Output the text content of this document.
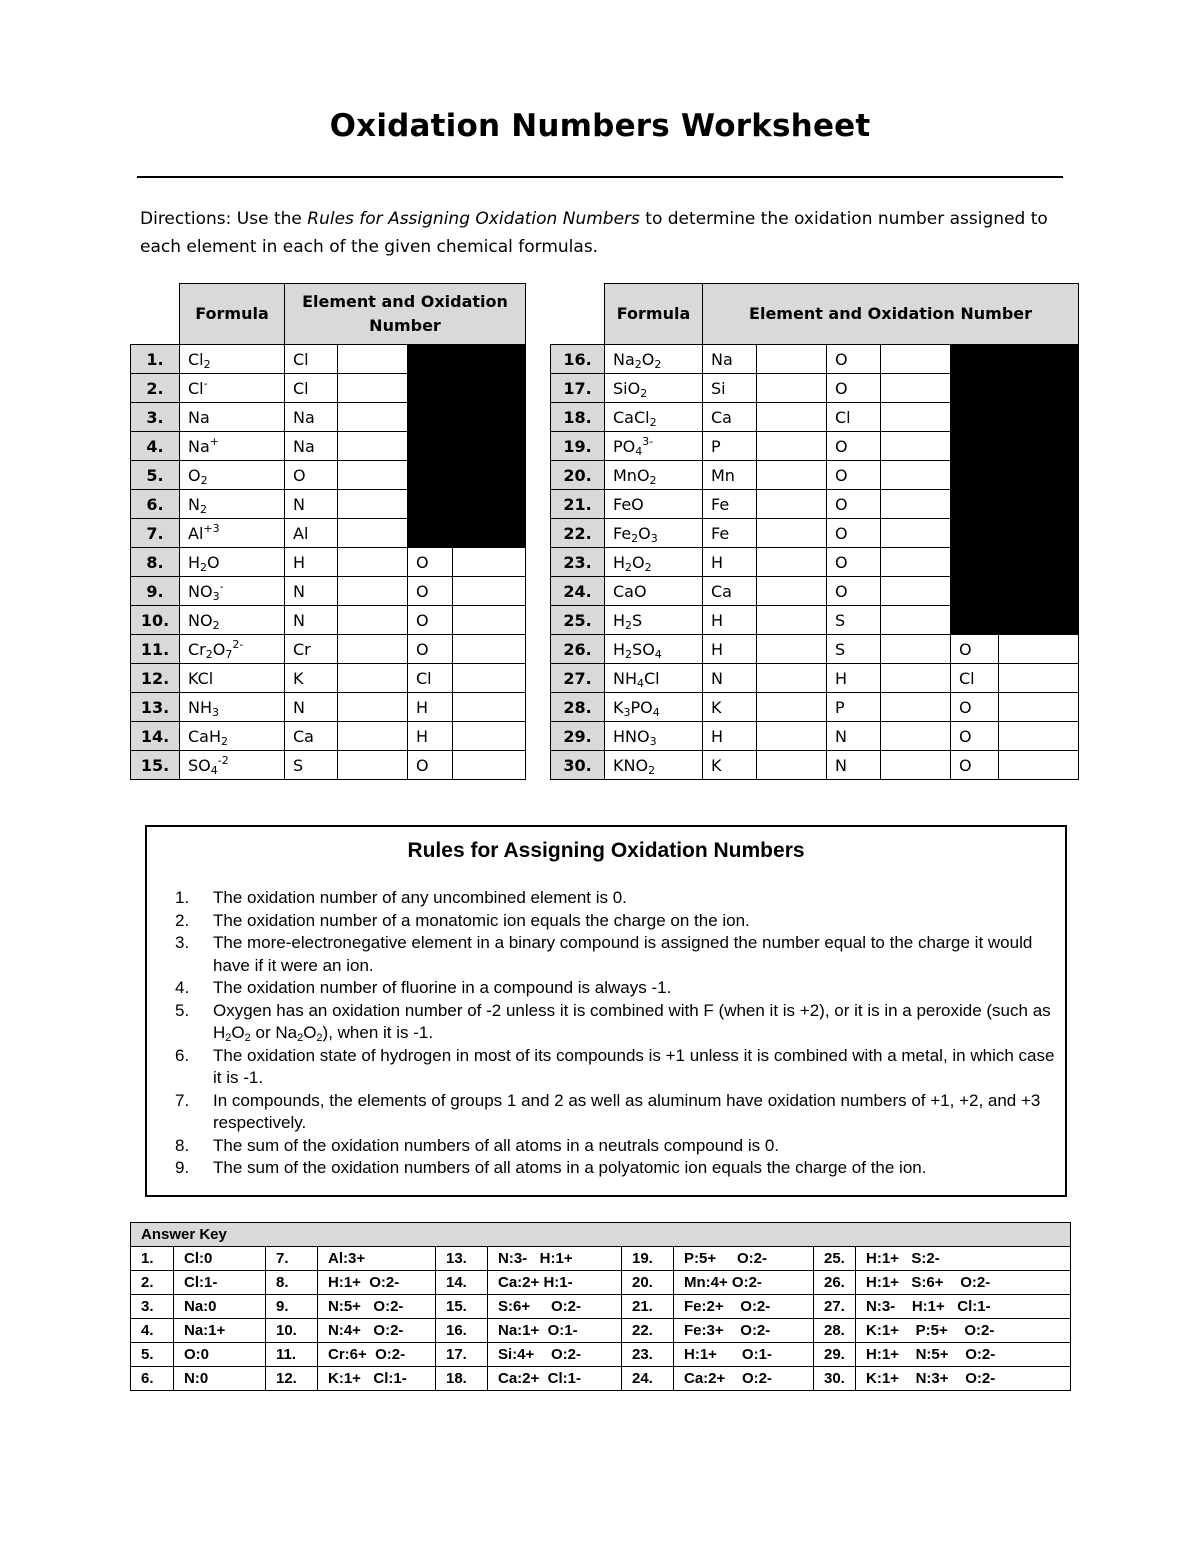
Oxidation Numbers Worksheet
Directions: Use the Rules for Assigning Oxidation Numbers to determine the oxidation number assigned to each element in each of the given chemical formulas.
	Formula	Element and Oxidation Number			
1.	$Cl_2$	Cl			
2.	Cl-	Cl			
3.	Na	Na			
4.	Na+	Na			
5.	$O_2$	O			
6.	$N_2$	N			
7.	$Al^{+3}$	Al			
8.	$H_2O$	H		O	
9.	$NO_3^-$	N		O	
10.	$NO_2$	N		O	
11.	$Cr_2O_7^{2-}$	Cr		O	
12.	KCl	K		Cl	
13.	$NH_3$	N		H	
14.	CaH$_2$	Ca		H	
15.	$SO_4^{-2}$	S		O	
	Formula	Element and Oxidation Number					
16.	$Na_2O_2$	Na		O			
17.	SiO$_2$	Si		O			
18.	CaCl$_2$	Ca		Cl			
19.	$PO_4^{3-}$	P		O			
20.	MnO$_2$	Mn		O			
21.	FeO	Fe		O			
22.	$Fe_2O_3$	Fe		O			
23.	$H_2O_2$	H		O			
24.	CaO	Ca		O			
25.	$H_2S$	H		S			
26.	$H_2SO_4$	H		S		O	
27.	$NH_4Cl$	N		H		Cl	
28.	$K_3PO_4$	K		P		O	
29.	$HNO_3$	H		N		O	
30.	$KNO_2$	K		N		O	
Rules for Assigning Oxidation Numbers
1.	The oxidation number of any uncombined element is 0.
2.	The oxidation number of a monatomic ion equals the charge on the ion.
3.	The more-electronegative element in a binary compound is assigned the number equal to the charge it would have if it were an ion.
4.	The oxidation number of fluorine in a compound is always -1.
5.	Oxygen has an oxidation number of -2 unless it is combined with F (when it is +2), or it is in a peroxide (such as $H_2O_2$ or $Na_2O_2$), when it is -1.
6.	The oxidation state of hydrogen in most of its compounds is +1 unless it is combined with a metal, in which case it is -1.
7.	In compounds, the elements of groups 1 and 2 as well as aluminum have oxidation numbers of +1, +2, and +3 respectively.
8.	The sum of the oxidation numbers of all atoms in a neutrals compound is 0.
9.	The sum of the oxidation numbers of all atoms in a polyatomic ion equals the charge of the ion.
Answer Key									
1.	Cl:0	7.	Al:3+	13.	N:3-   H:1+	19.	P:5+     O:2-	25.	H:1+   S:2-
2.	Cl:1-	8.	H:1+  O:2-	14.	Ca:2+ H:1-	20.	Mn:4+ O:2-	26.	H:1+   S:6+    O:2-
3.	Na:0	9.	N:5+   O:2-	15.	S:6+     O:2-	21.	Fe:2+    O:2-	27.	N:3-    H:1+   Cl:1-
4.	Na:1+	10.	N:4+   O:2-	16.	Na:1+  O:1-	22.	Fe:3+    O:2-	28.	K:1+    P:5+    O:2-
5.	O:0	11.	Cr:6+  O:2-	17.	Si:4+    O:2-	23.	H:1+      O:1-	29.	H:1+    N:5+    O:2-
6.	N:0	12.	K:1+   Cl:1-	18.	Ca:2+  Cl:1-	24.	Ca:2+    O:2-	30.	K:1+    N:3+    O:2-
